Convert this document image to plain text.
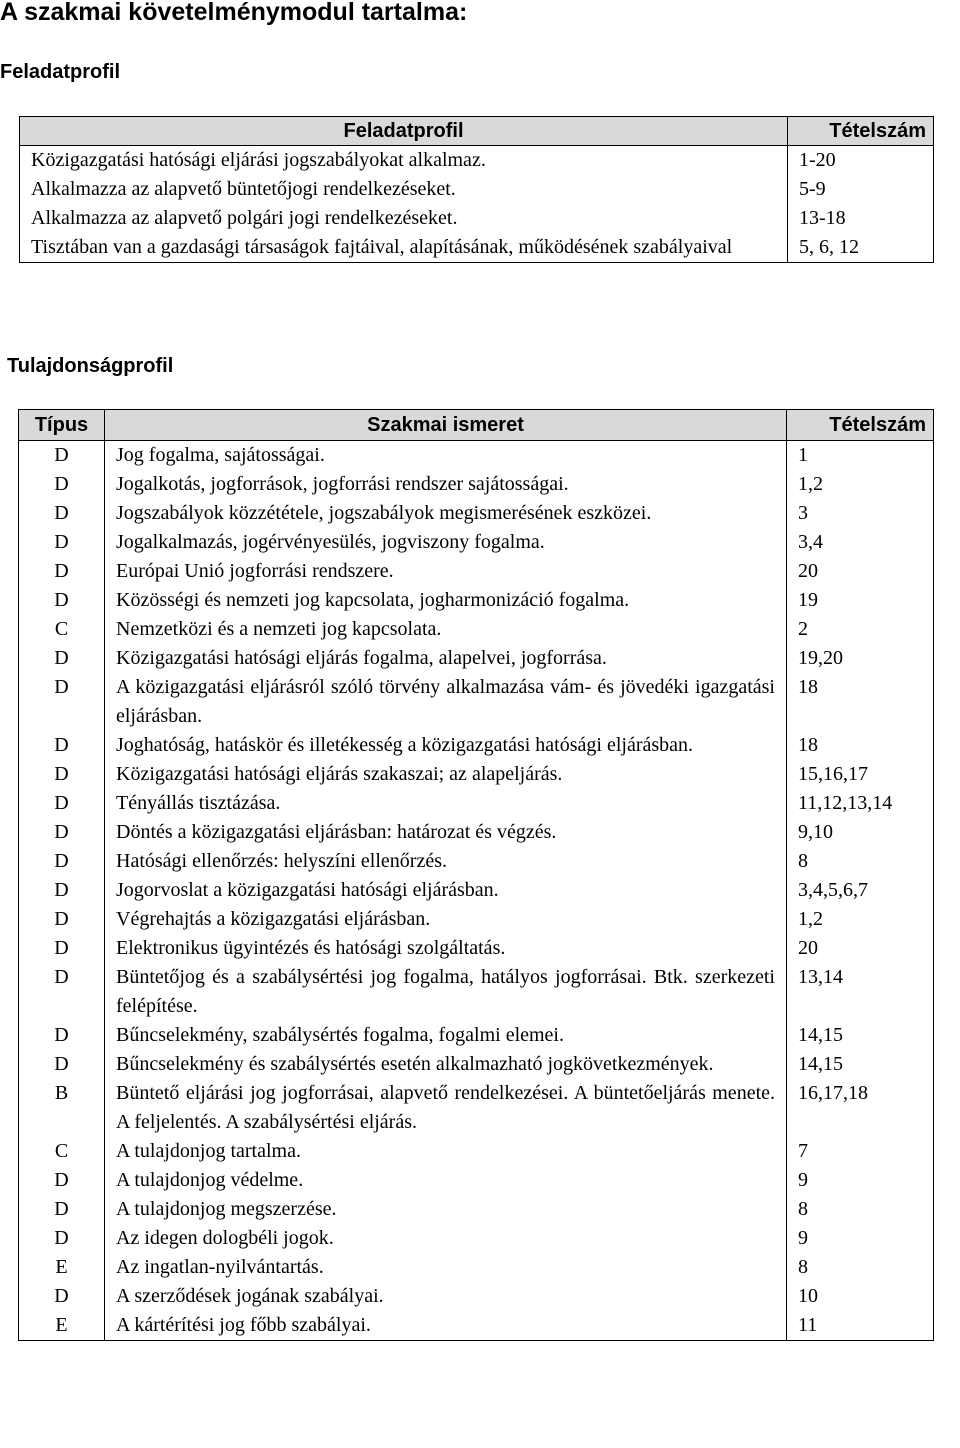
A szakmai követelménymodul tartalma:
Feladatprofil
Feladatprofil	Tételszám
Közigazgatási hatósági eljárási jogszabályokat alkalmaz.	1-20
Alkalmazza az alapvető büntetőjogi rendelkezéseket.	5-9
Alkalmazza az alapvető polgári jogi rendelkezéseket.	13-18
Tisztában van a gazdasági társaságok fajtáival, alapításának, működésének szabályaival	5, 6, 12
Tulajdonságprofil
Típus	Szakmai ismeret	Tételszám
D	Jog fogalma, sajátosságai.	1
D	Jogalkotás, jogforrások, jogforrási rendszer sajátosságai.	1,2
D	Jogszabályok közzététele, jogszabályok megismerésének eszközei.	3
D	Jogalkalmazás, jogérvényesülés, jogviszony fogalma.	3,4
D	Európai Unió jogforrási rendszere.	20
D	Közösségi és nemzeti jog kapcsolata, jogharmonizáció fogalma.	19
C	Nemzetközi és a nemzeti jog kapcsolata.	2
D	Közigazgatási hatósági eljárás fogalma, alapelvei, jogforrása.	19,20
D	A közigazgatási eljárásról szóló törvény alkalmazása vám- és jövedéki igazgatási eljárásban.	18
D	Joghatóság, hatáskör és illetékesség a közigazgatási hatósági eljárásban.	18
D	Közigazgatási hatósági eljárás szakaszai; az alapeljárás.	15,16,17
D	Tényállás tisztázása.	11,12,13,14
D	Döntés a közigazgatási eljárásban: határozat és végzés.	9,10
D	Hatósági ellenőrzés: helyszíni ellenőrzés.	8
D	Jogorvoslat a közigazgatási hatósági eljárásban.	3,4,5,6,7
D	Végrehajtás a közigazgatási eljárásban.	1,2
D	Elektronikus ügyintézés és hatósági szolgáltatás.	20
D	Büntetőjog és a szabálysértési jog fogalma, hatályos jogforrásai. Btk. szerkezeti felépítése.	13,14
D	Bűncselekmény, szabálysértés fogalma, fogalmi elemei.	14,15
D	Bűncselekmény és szabálysértés esetén alkalmazható jogkövetkezmények.	14,15
B	Büntető eljárási jog jogforrásai, alapvető rendelkezései. A büntetőeljárás menete. A feljelentés. A szabálysértési eljárás.	16,17,18
C	A tulajdonjog tartalma.	7
D	A tulajdonjog védelme.	9
D	A tulajdonjog megszerzése.	8
D	Az idegen dologbéli jogok.	9
E	Az ingatlan-nyilvántartás.	8
D	A szerződések jogának szabályai.	10
E	A kártérítési jog főbb szabályai.	11
